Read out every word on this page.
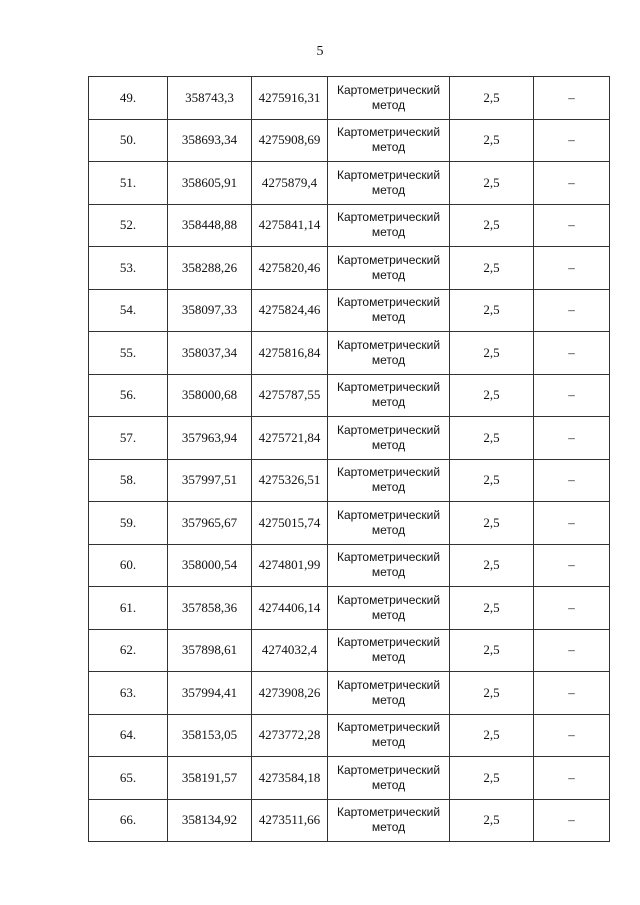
5
49.	358743,3	4275916,31	Картометрический
метод	2,5	–
50.	358693,34	4275908,69	Картометрический
метод	2,5	–
51.	358605,91	4275879,4	Картометрический
метод	2,5	–
52.	358448,88	4275841,14	Картометрический
метод	2,5	–
53.	358288,26	4275820,46	Картометрический
метод	2,5	–
54.	358097,33	4275824,46	Картометрический
метод	2,5	–
55.	358037,34	4275816,84	Картометрический
метод	2,5	–
56.	358000,68	4275787,55	Картометрический
метод	2,5	–
57.	357963,94	4275721,84	Картометрический
метод	2,5	–
58.	357997,51	4275326,51	Картометрический
метод	2,5	–
59.	357965,67	4275015,74	Картометрический
метод	2,5	–
60.	358000,54	4274801,99	Картометрический
метод	2,5	–
61.	357858,36	4274406,14	Картометрический
метод	2,5	–
62.	357898,61	4274032,4	Картометрический
метод	2,5	–
63.	357994,41	4273908,26	Картометрический
метод	2,5	–
64.	358153,05	4273772,28	Картометрический
метод	2,5	–
65.	358191,57	4273584,18	Картометрический
метод	2,5	–
66.	358134,92	4273511,66	Картометрический
метод	2,5	–
